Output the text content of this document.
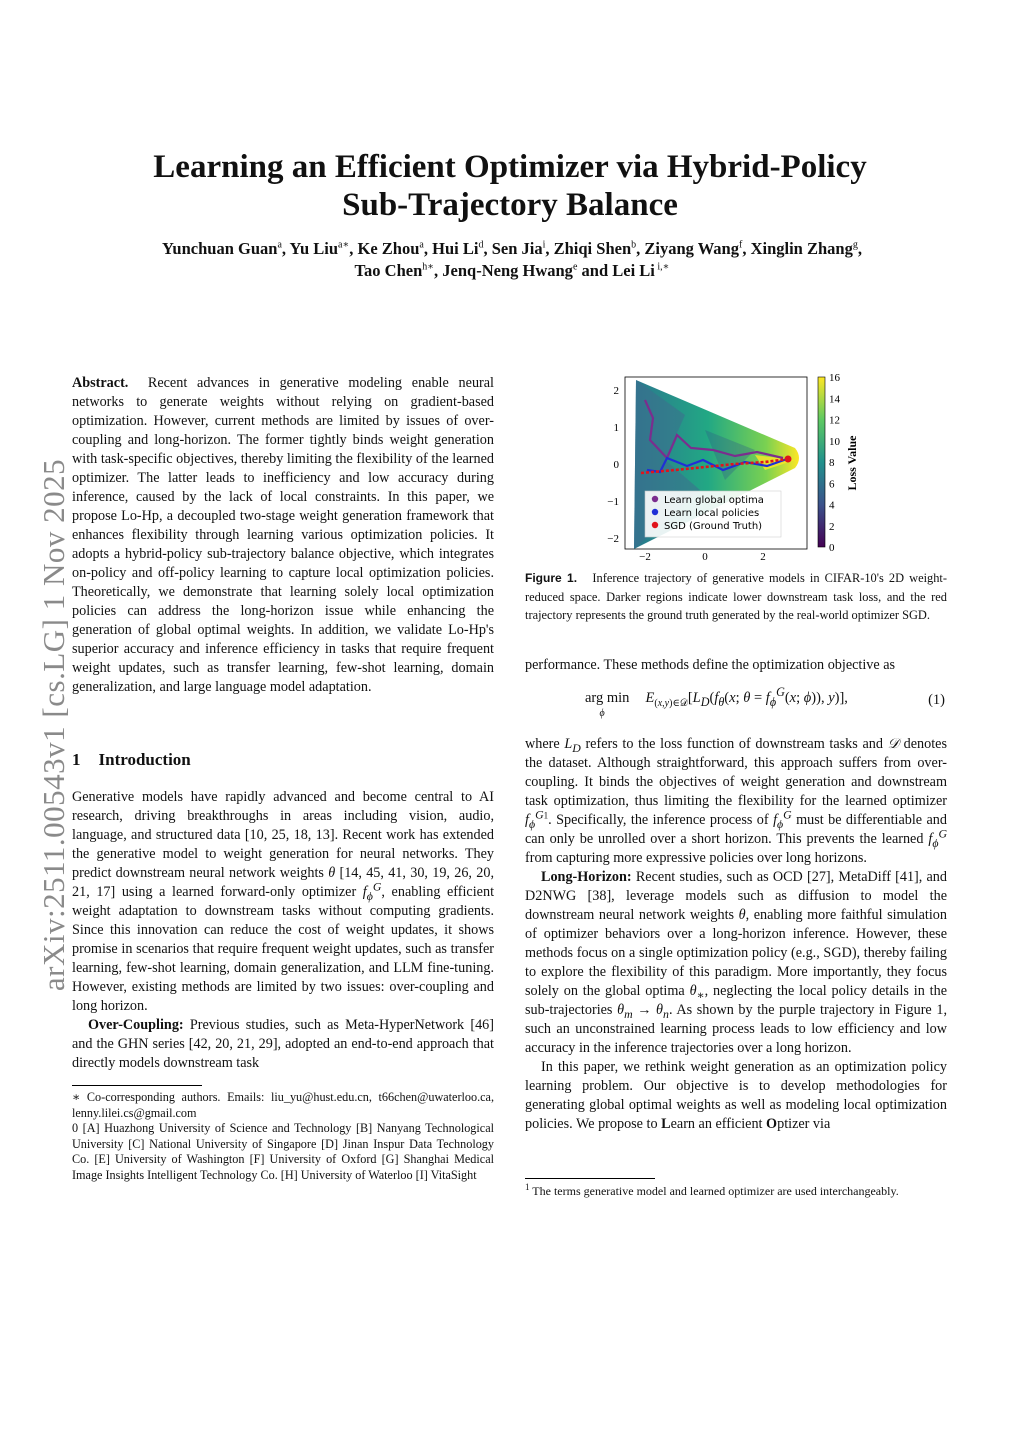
arXiv:2511.00543v1 [cs.LG] 1 Nov 2025
Learning an Efficient Optimizer via Hybrid-Policy
Sub-Trajectory Balance
Yunchuan Guan$^a$, Yu Liu$^{a∗}$, Ke Zhou$^a$, Hui Li$^d$, Sen Jia$^i$, Zhiqi Shen$^b$, Ziyang Wang$^f$, Xinglin Zhang$^g$,
Tao Chen$^{h∗}$, Jenq-Neng Hwang$^e$ and Lei Li $^{i,∗}$

Abstract. Recent advances in generative modeling enable neural networks to generate weights without relying on gradient-based optimization. However, current methods are limited by issues of over-coupling and long-horizon. The former tightly binds weight generation with task-specific objectives, thereby limiting the flexibility of the learned optimizer. The latter leads to inefficiency and low accuracy during inference, caused by the lack of local constraints. In this paper, we propose Lo-Hp, a decoupled two-stage weight generation framework that enhances flexibility through learning various optimization policies. It adopts a hybrid-policy sub-trajectory balance objective, which integrates on-policy and off-policy learning to capture local optimization policies. Theoretically, we demonstrate that learning solely local optimization policies can address the long-horizon issue while enhancing the generation of global optimal weights. In addition, we validate Lo-Hp's superior accuracy and inference efficiency in tasks that require frequent weight updates, such as transfer learning, few-shot learning, domain generalization, and large language model adaptation.

1 Introduction

Generative models have rapidly advanced and become central to AI research, driving breakthroughs in areas including vision, audio, language, and structured data [10, 25, 18, 13]. Recent work has extended the generative model to weight generation for neural networks. They predict downstream neural network weights θ [14, 45, 41, 30, 19, 26, 20, 21, 17] using a learned forward-only optimizer $f_\phi^G$, enabling efficient weight adaptation to downstream tasks without computing gradients. Since this innovation can reduce the cost of weight updates, it shows promise in scenarios that require frequent weight updates, such as transfer learning, few-shot learning, domain generalization, and LLM fine-tuning. However, existing methods are limited by two issues: over-coupling and long horizon.

Over-Coupling: Previous studies, such as Meta-HyperNetwork [46] and the GHN series [42, 20, 21, 29], adopted an end-to-end approach that directly models downstream task

∗ Co-corresponding authors. Emails: liu_yu@hust.edu.cn, t66chen@uwaterloo.ca, lenny.lilei.cs@gmail.com

0 [A] Huazhong University of Science and Technology [B] Nanyang Technological University [C] National University of Singapore [D] Jinan Inspur Data Technology Co. [E] University of Washington [F] University of Oxford [G] Shanghai Medical Image Insights Intelligent Technology Co. [H] University of Waterloo [I] VitaSight

Learn global optima
Learn local policies
SGD (Ground Truth)
−2	0	2
2
1
0
−1
−2
16
14
12
10
8
6
4
2
0
Loss Value
Figure 1. Inference trajectory of generative models in CIFAR-10's 2D weight-reduced space. Darker regions indicate lower downstream task loss, and the red trajectory represents the ground truth generated by the real-world optimizer SGD.

performance. These methods define the optimization objective as

arg $\min_\phi E_{(x,y)\in 𝒟}[L_D(f_\theta(x$; $\theta = f_\phi^G(x$; ϕ)), y)],	(1)

where $L_D$ refers to the loss function of downstream tasks and 𝒟 denotes the dataset. Although straightforward, this approach suffers from over-coupling. It binds the objectives of weight generation and downstream task optimization, thus limiting the flexibility for the learned optimizer $f_\phi^{G1}$. Specifically, the inference process of $f_\phi^G$ must be differentiable and can only be unrolled over a short horizon. This prevents the learned $f_\phi^G$ from capturing more expressive policies over long horizons.

Long-Horizon: Recent studies, such as OCD [27], MetaDiff [41], and D2NWG [38], leverage models such as diffusion to model the downstream neural network weights θ, enabling more faithful simulation of optimizer behaviors over a long-horizon inference. However, these methods focus on a single optimization policy (e.g., SGD), thereby failing to explore the flexibility of this paradigm. More importantly, they focus solely on the global optima $\theta_∗$, neglecting the local policy details in the sub-trajectories $\theta_m \to \theta_n$. As shown by the purple trajectory in Figure 1, such an unconstrained learning process leads to low efficiency and low accuracy in the inference trajectories over a long horizon.

In this paper, we rethink weight generation as an optimization policy learning problem. Our objective is to develop methodologies for generating global optimal weights as well as modeling local optimization policies. We propose to Learn an efficient Optizer via

$^1$ The terms generative model and learned optimizer are used interchangeably.
